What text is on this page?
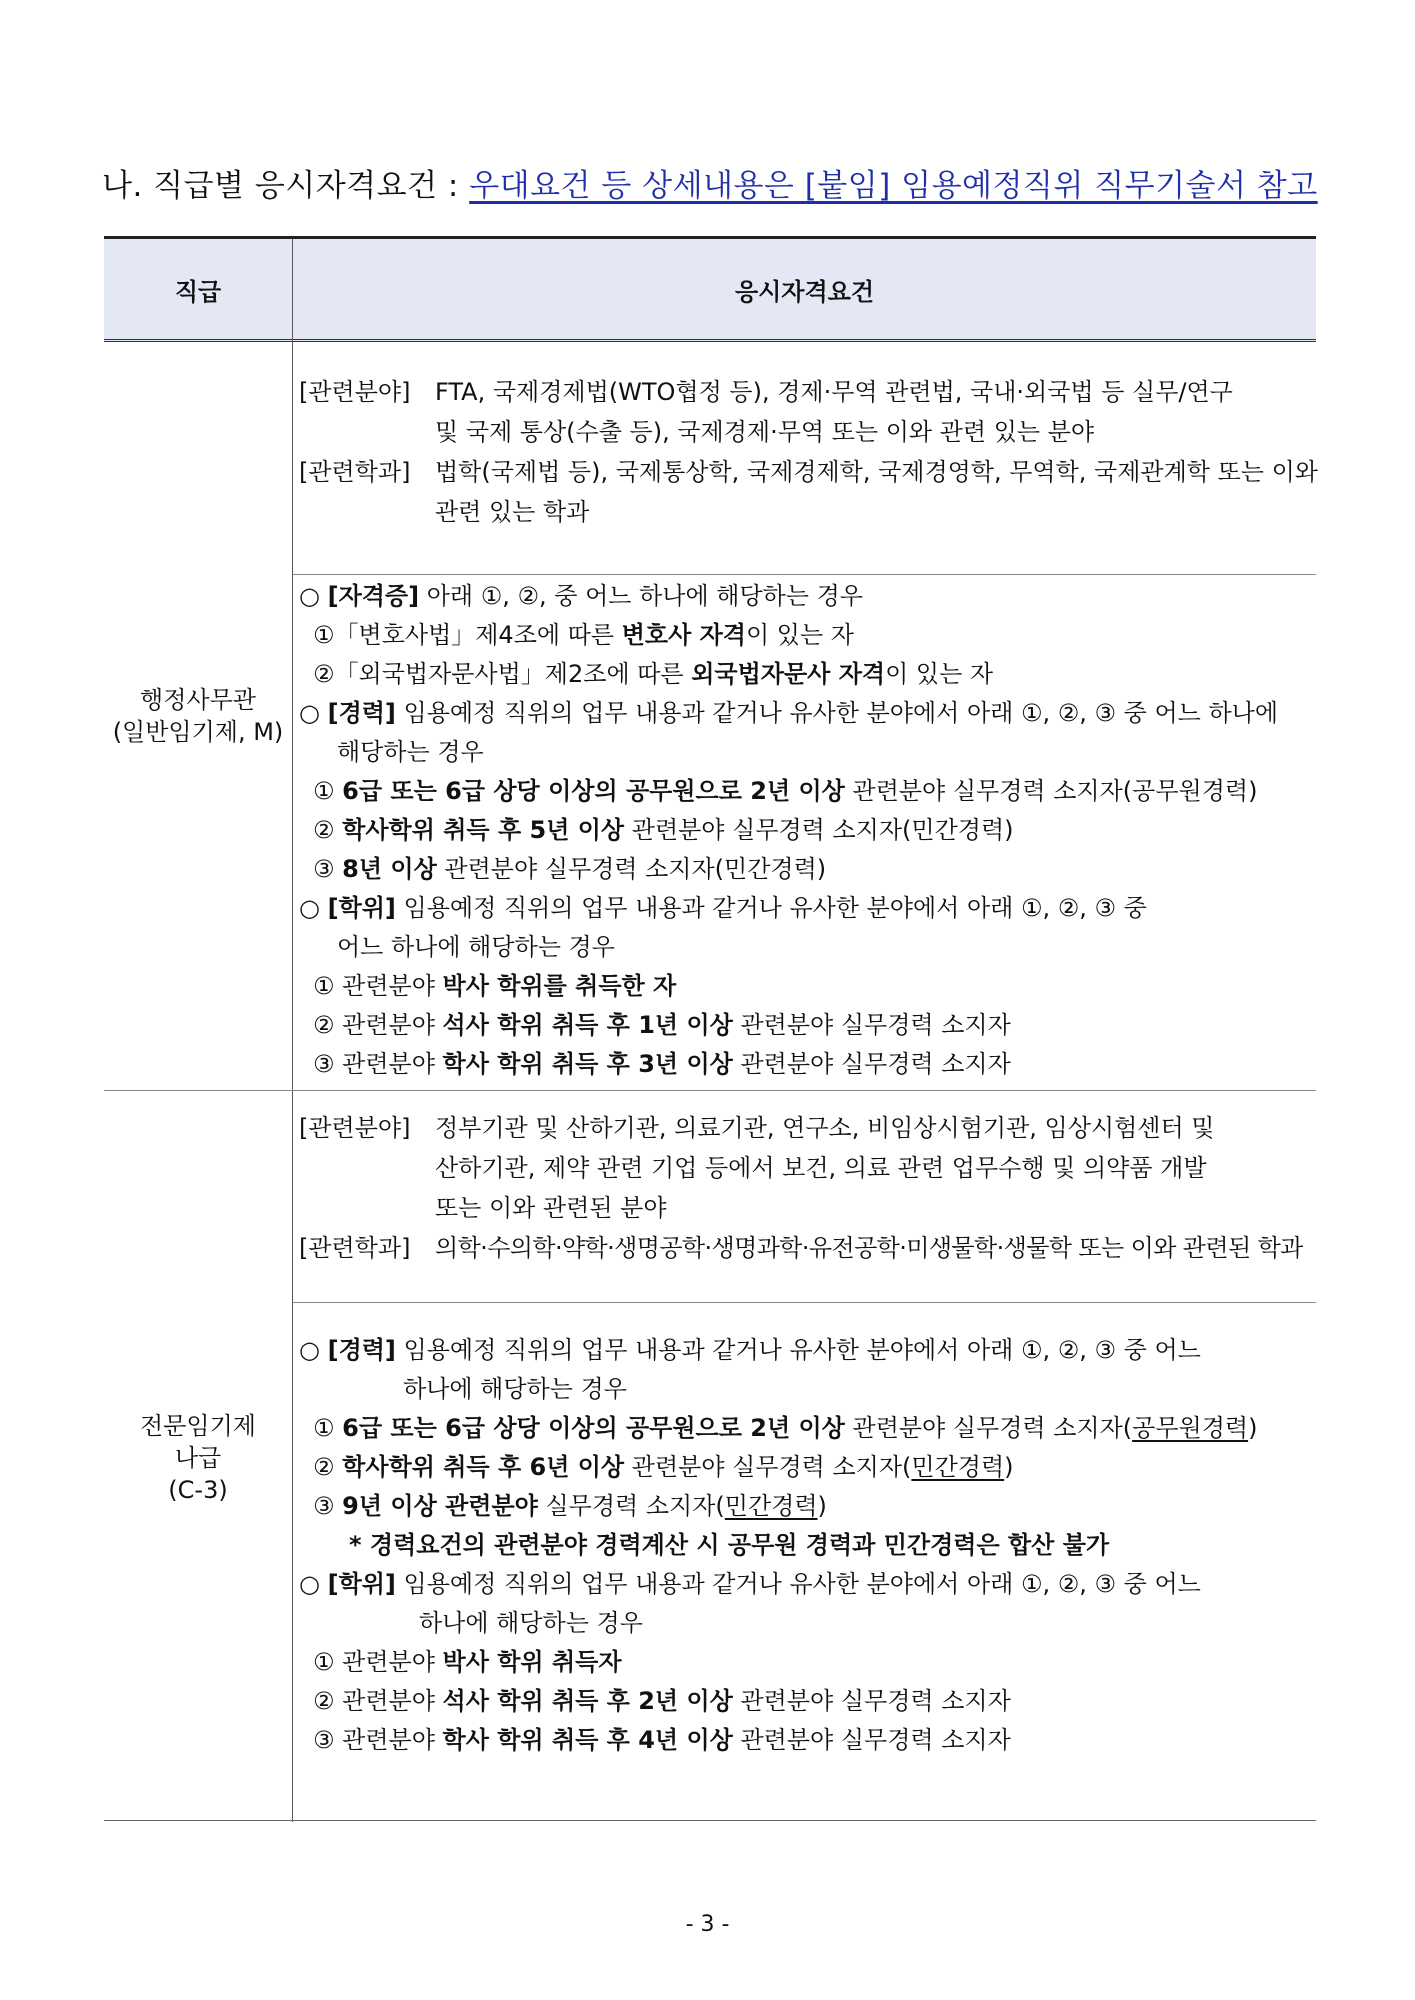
나. 직급별 응시자격요건 : 우대요건 등 상세내용은 [붙임] 임용예정직위 직무기술서 참고
직급	응시자격요건
행정사무관
(일반임기제, M)
[관련분야] FTA, 국제경제법(WTO협정 등), 경제·무역 관련법, 국내·외국법 등 실무/연구
및 국제 통상(수출 등), 국제경제·무역 또는 이와 관련 있는 분야
[관련학과] 법학(국제법 등), 국제통상학, 국제경제학, 국제경영학, 무역학, 국제관계학 또는 이와
관련 있는 학과
○ [자격증] 아래 ①, ②, 중 어느 하나에 해당하는 경우
①「변호사법」제4조에 따른 변호사 자격이 있는 자
②「외국법자문사법」제2조에 따른 외국법자문사 자격이 있는 자
○ [경력] 임용예정 직위의 업무 내용과 같거나 유사한 분야에서 아래 ①, ②, ③ 중 어느 하나에
해당하는 경우
① 6급 또는 6급 상당 이상의 공무원으로 2년 이상 관련분야 실무경력 소지자(공무원경력)
② 학사학위 취득 후 5년 이상 관련분야 실무경력 소지자(민간경력)
③ 8년 이상 관련분야 실무경력 소지자(민간경력)
○ [학위] 임용예정 직위의 업무 내용과 같거나 유사한 분야에서 아래 ①, ②, ③ 중
어느 하나에 해당하는 경우
① 관련분야 박사 학위를 취득한 자
② 관련분야 석사 학위 취득 후 1년 이상 관련분야 실무경력 소지자
③ 관련분야 학사 학위 취득 후 3년 이상 관련분야 실무경력 소지자
전문임기제
나급
(C-3)
[관련분야] 정부기관 및 산하기관, 의료기관, 연구소, 비임상시험기관, 임상시험센터 및
산하기관, 제약 관련 기업 등에서 보건, 의료 관련 업무수행 및 의약품 개발
또는 이와 관련된 분야
[관련학과] 의학·수의학·약학·생명공학·생명과학·유전공학·미생물학·생물학 또는 이와 관련된 학과
○ [경력] 임용예정 직위의 업무 내용과 같거나 유사한 분야에서 아래 ①, ②, ③ 중 어느
하나에 해당하는 경우
① 6급 또는 6급 상당 이상의 공무원으로 2년 이상 관련분야 실무경력 소지자(공무원경력)
② 학사학위 취득 후 6년 이상 관련분야 실무경력 소지자(민간경력)
③ 9년 이상 관련분야 실무경력 소지자(민간경력)
* 경력요건의 관련분야 경력계산 시 공무원 경력과 민간경력은 합산 불가
○ [학위] 임용예정 직위의 업무 내용과 같거나 유사한 분야에서 아래 ①, ②, ③ 중 어느
하나에 해당하는 경우
① 관련분야 박사 학위 취득자
② 관련분야 석사 학위 취득 후 2년 이상 관련분야 실무경력 소지자
③ 관련분야 학사 학위 취득 후 4년 이상 관련분야 실무경력 소지자
- 3 -
